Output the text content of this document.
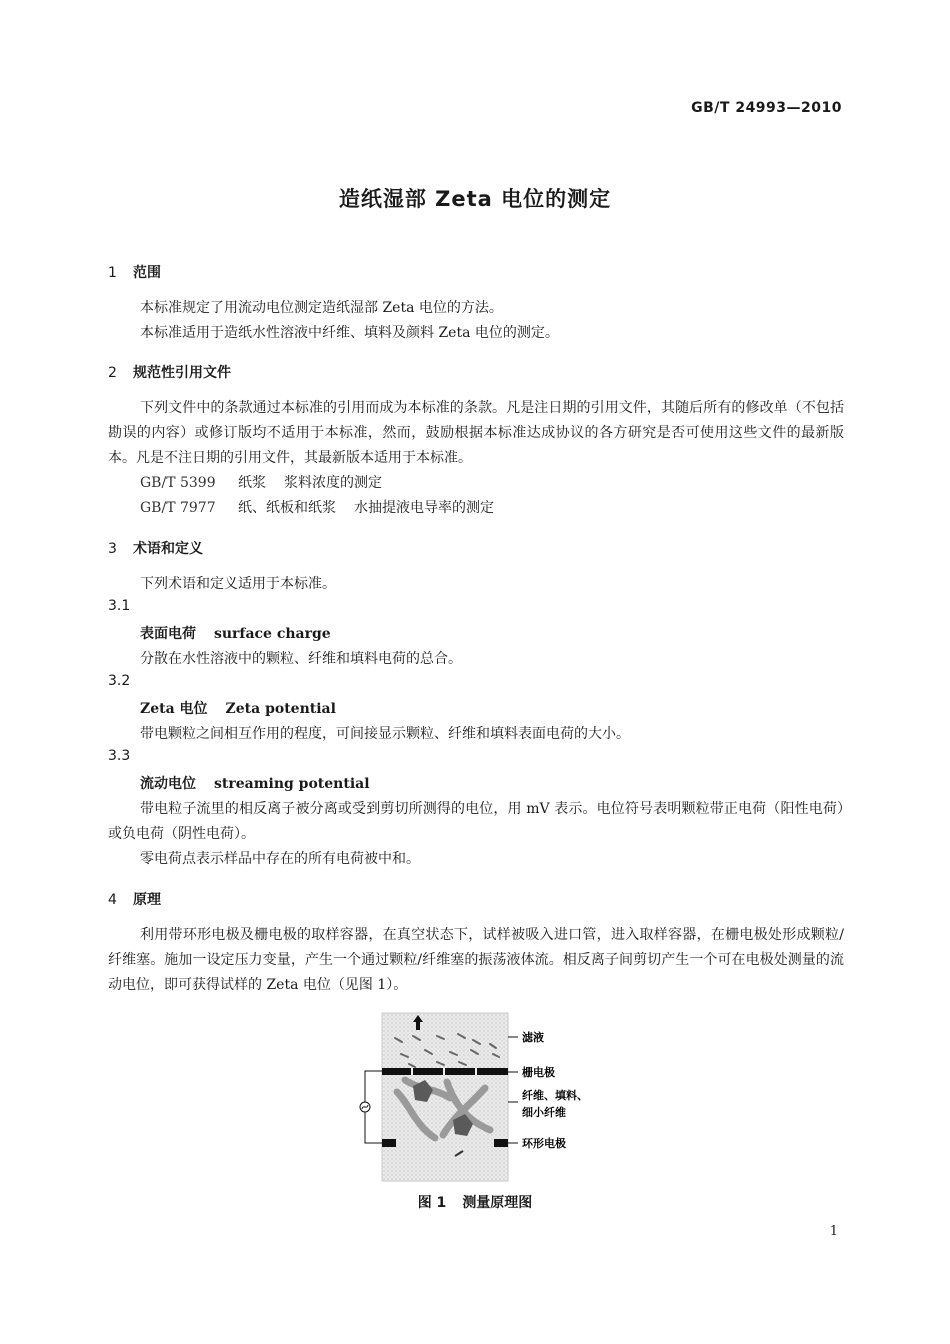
GB/T 24993—2010
造纸湿部 Zeta 电位的测定
1 范围
本标准规定了用流动电位测定造纸湿部 Zeta 电位的方法。
本标准适用于造纸水性溶液中纤维、填料及颜料 Zeta 电位的测定。
2 规范性引用文件
下列文件中的条款通过本标准的引用而成为本标准的条款。凡是注日期的引用文件，其随后所有的修改单（不包括勘误的内容）或修订版均不适用于本标准，然而，鼓励根据本标准达成协议的各方研究是否可使用这些文件的最新版本。凡是不注日期的引用文件，其最新版本适用于本标准。
GB/T 5399 纸浆 浆料浓度的测定
GB/T 7977 纸、纸板和纸浆 水抽提液电导率的测定
3 术语和定义
下列术语和定义适用于本标准。
3.1
表面电荷 surface charge
分散在水性溶液中的颗粒、纤维和填料电荷的总合。
3.2
Zeta 电位 Zeta potential
带电颗粒之间相互作用的程度，可间接显示颗粒、纤维和填料表面电荷的大小。
3.3
流动电位 streaming potential
带电粒子流里的相反离子被分离或受到剪切所测得的电位，用 mV 表示。电位符号表明颗粒带正电荷（阳性电荷）或负电荷（阴性电荷）。
零电荷点表示样品中存在的所有电荷被中和。
4 原理
利用带环形电极及栅电极的取样容器，在真空状态下，试样被吸入进口管，进入取样容器，在栅电极处形成颗粒/纤维塞。施加一设定压力变量，产生一个通过颗粒/纤维塞的振荡液体流。相反离子间剪切产生一个可在电极处测量的流动电位，即可获得试样的 Zeta 电位（见图 1）。
滤液
栅电极
纤维、填料、
细小纤维
环形电极
图 1 测量原理图
1
